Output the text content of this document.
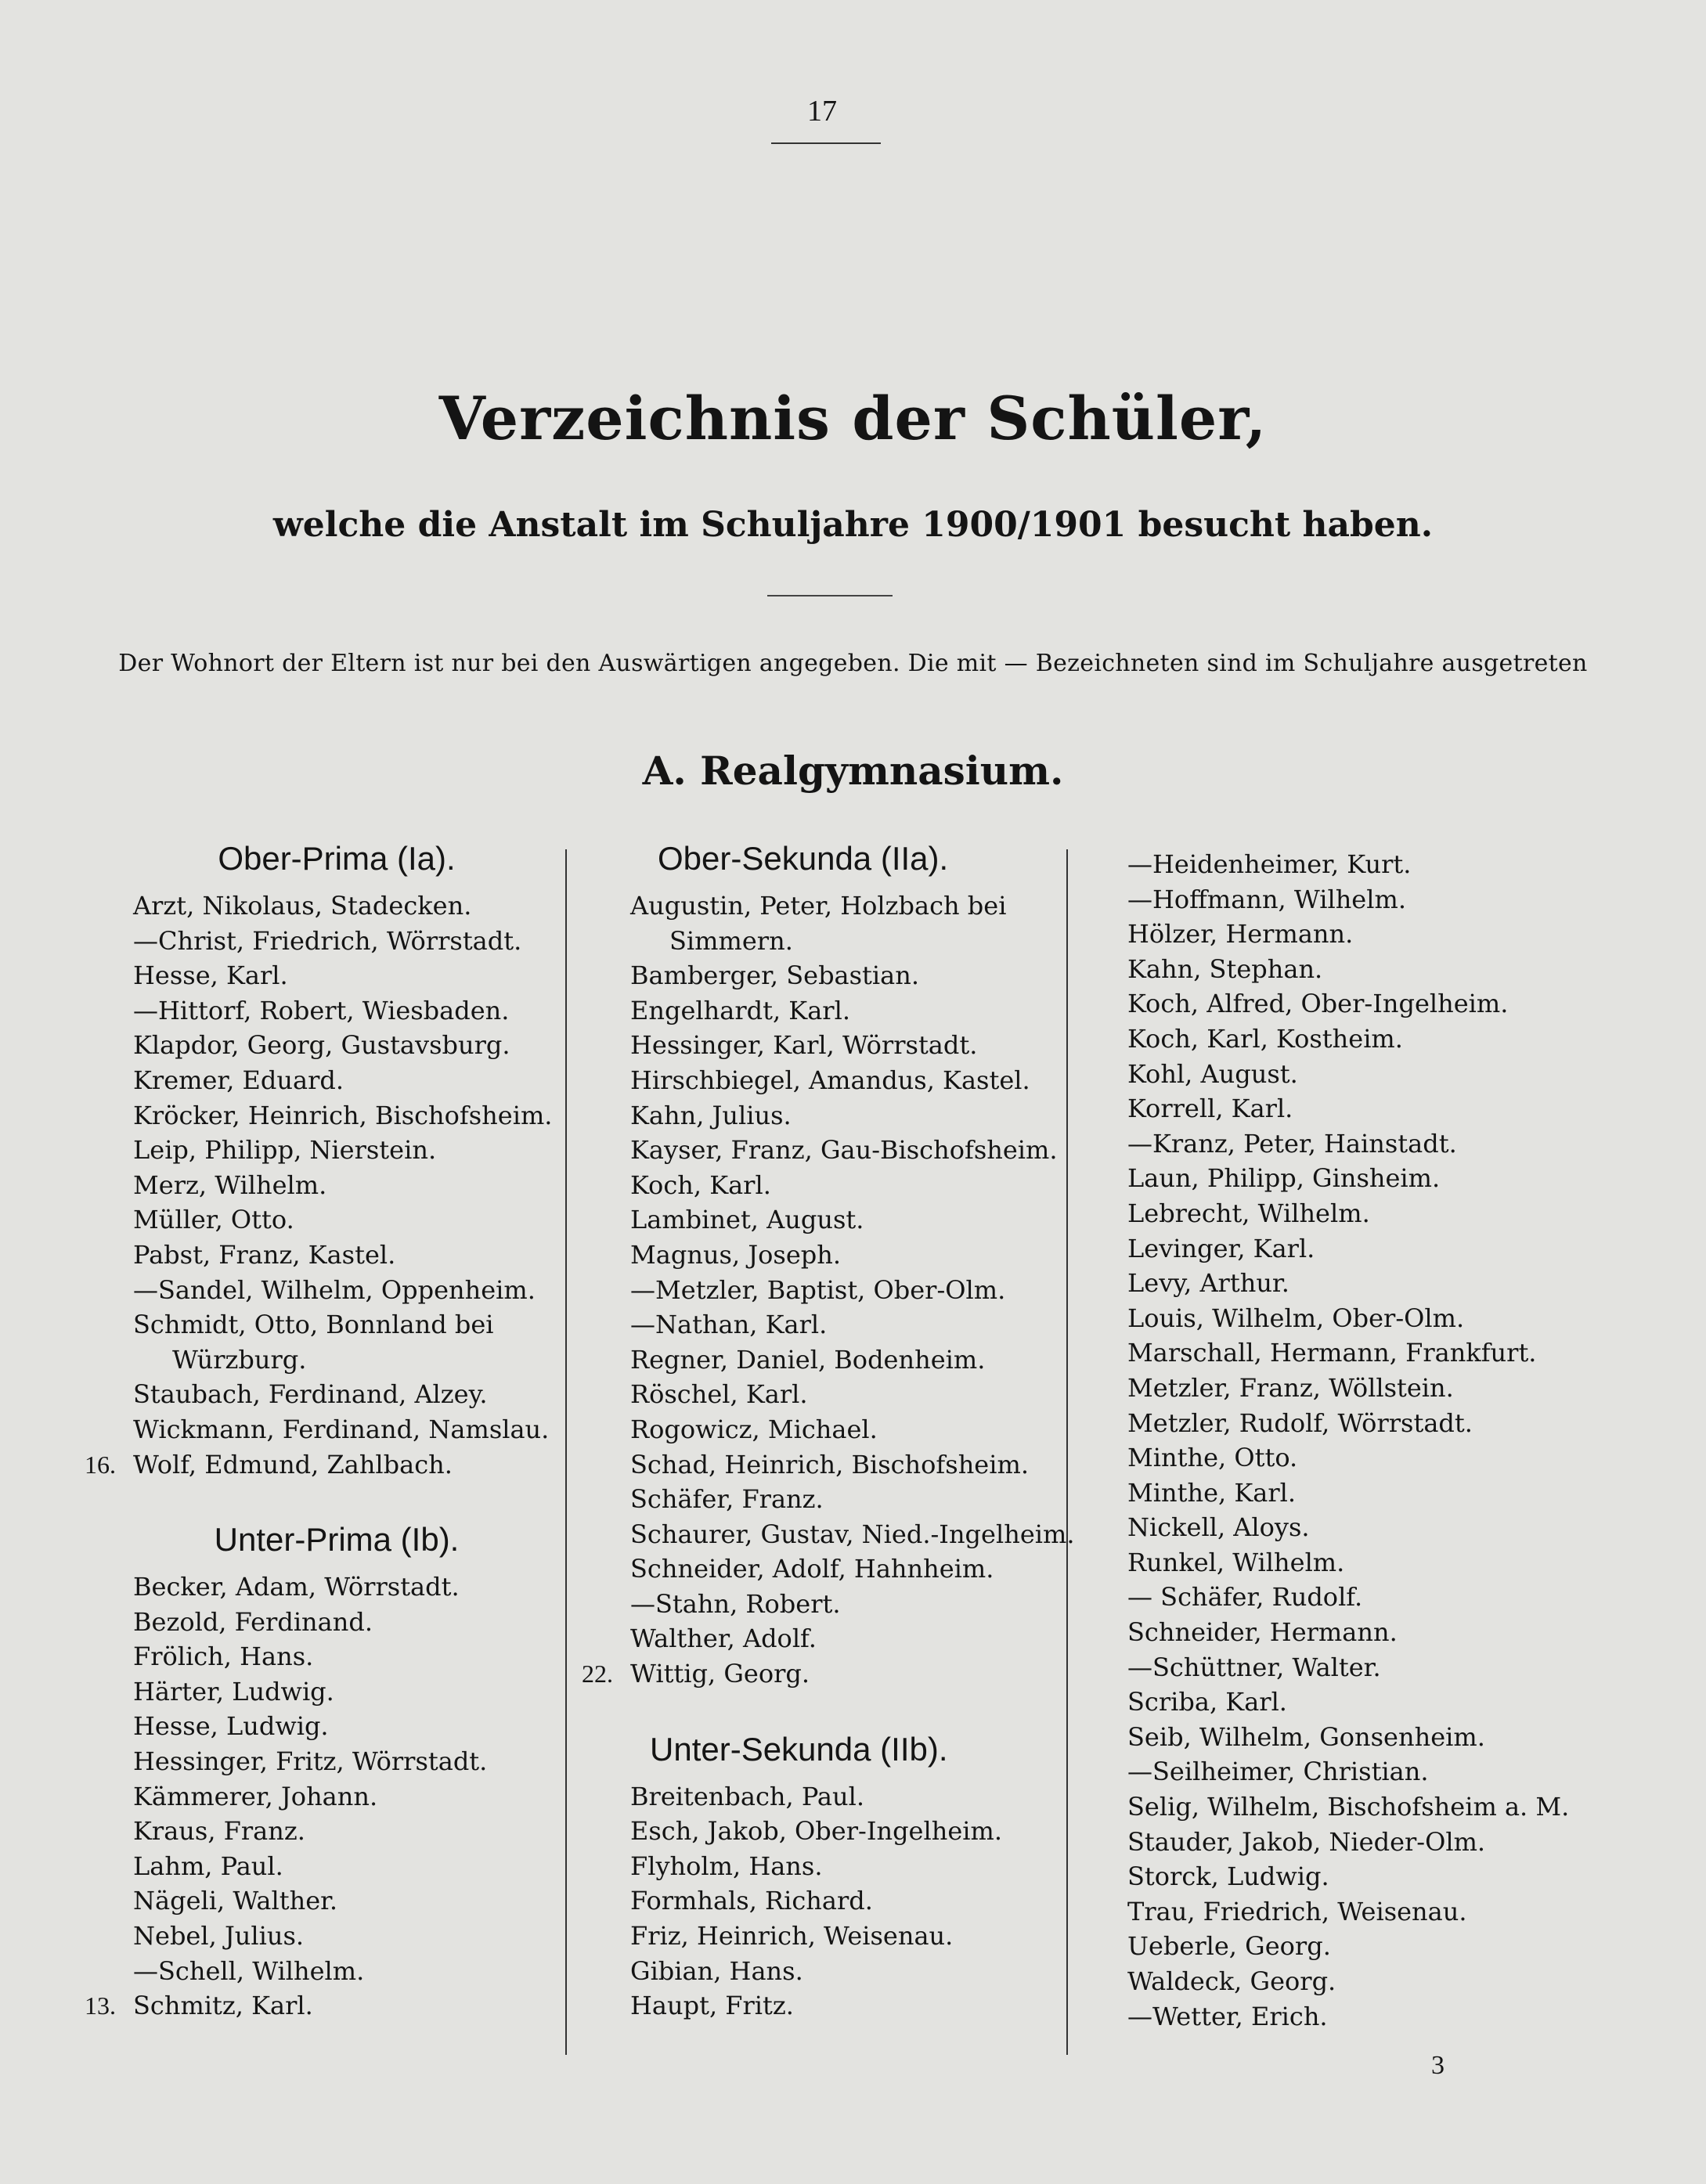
17
Verzeichnis der Schüler,
welche die Anstalt im Schuljahre 1900/1901 besucht haben.
Der Wohnort der Eltern ist nur bei den Auswärtigen angegeben. Die mit — Bezeichneten sind im Schuljahre ausgetreten
A. Realgymnasium.
Ober-Prima (Ia).
Arzt, Nikolaus, Stadecken.
—Christ, Friedrich, Wörrstadt.
Hesse, Karl.
—Hittorf, Robert, Wiesbaden.
Klapdor, Georg, Gustavsburg.
Kremer, Eduard.
Kröcker, Heinrich, Bischofsheim.
Leip, Philipp, Nierstein.
Merz, Wilhelm.
Müller, Otto.
Pabst, Franz, Kastel.
—Sandel, Wilhelm, Oppenheim.
Schmidt, Otto, Bonnland bei
Würzburg.
Staubach, Ferdinand, Alzey.
Wickmann, Ferdinand, Namslau.
16. Wolf, Edmund, Zahlbach.
Unter-Prima (Ib).
Becker, Adam, Wörrstadt.
Bezold, Ferdinand.
Frölich, Hans.
Härter, Ludwig.
Hesse, Ludwig.
Hessinger, Fritz, Wörrstadt.
Kämmerer, Johann.
Kraus, Franz.
Lahm, Paul.
Nägeli, Walther.
Nebel, Julius.
—Schell, Wilhelm.
13. Schmitz, Karl.
Ober-Sekunda (IIa).
Augustin, Peter, Holzbach bei
Simmern.
Bamberger, Sebastian.
Engelhardt, Karl.
Hessinger, Karl, Wörrstadt.
Hirschbiegel, Amandus, Kastel.
Kahn, Julius.
Kayser, Franz, Gau-Bischofsheim.
Koch, Karl.
Lambinet, August.
Magnus, Joseph.
—Metzler, Baptist, Ober-Olm.
—Nathan, Karl.
Regner, Daniel, Bodenheim.
Röschel, Karl.
Rogowicz, Michael.
Schad, Heinrich, Bischofsheim.
Schäfer, Franz.
Schaurer, Gustav, Nied.-Ingelheim.
Schneider, Adolf, Hahnheim.
—Stahn, Robert.
Walther, Adolf.
22. Wittig, Georg.
Unter-Sekunda (IIb).
Breitenbach, Paul.
Esch, Jakob, Ober-Ingelheim.
Flyholm, Hans.
Formhals, Richard.
Friz, Heinrich, Weisenau.
Gibian, Hans.
Haupt, Fritz.
—Heidenheimer, Kurt.
—Hoffmann, Wilhelm.
Hölzer, Hermann.
Kahn, Stephan.
Koch, Alfred, Ober-Ingelheim.
Koch, Karl, Kostheim.
Kohl, August.
Korrell, Karl.
—Kranz, Peter, Hainstadt.
Laun, Philipp, Ginsheim.
Lebrecht, Wilhelm.
Levinger, Karl.
Levy, Arthur.
Louis, Wilhelm, Ober-Olm.
Marschall, Hermann, Frankfurt.
Metzler, Franz, Wöllstein.
Metzler, Rudolf, Wörrstadt.
Minthe, Otto.
Minthe, Karl.
Nickell, Aloys.
Runkel, Wilhelm.
— Schäfer, Rudolf.
Schneider, Hermann.
—Schüttner, Walter.
Scriba, Karl.
Seib, Wilhelm, Gonsenheim.
—Seilheimer, Christian.
Selig, Wilhelm, Bischofsheim a. M.
Stauder, Jakob, Nieder-Olm.
Storck, Ludwig.
Trau, Friedrich, Weisenau.
Ueberle, Georg.
Waldeck, Georg.
—Wetter, Erich.
3
